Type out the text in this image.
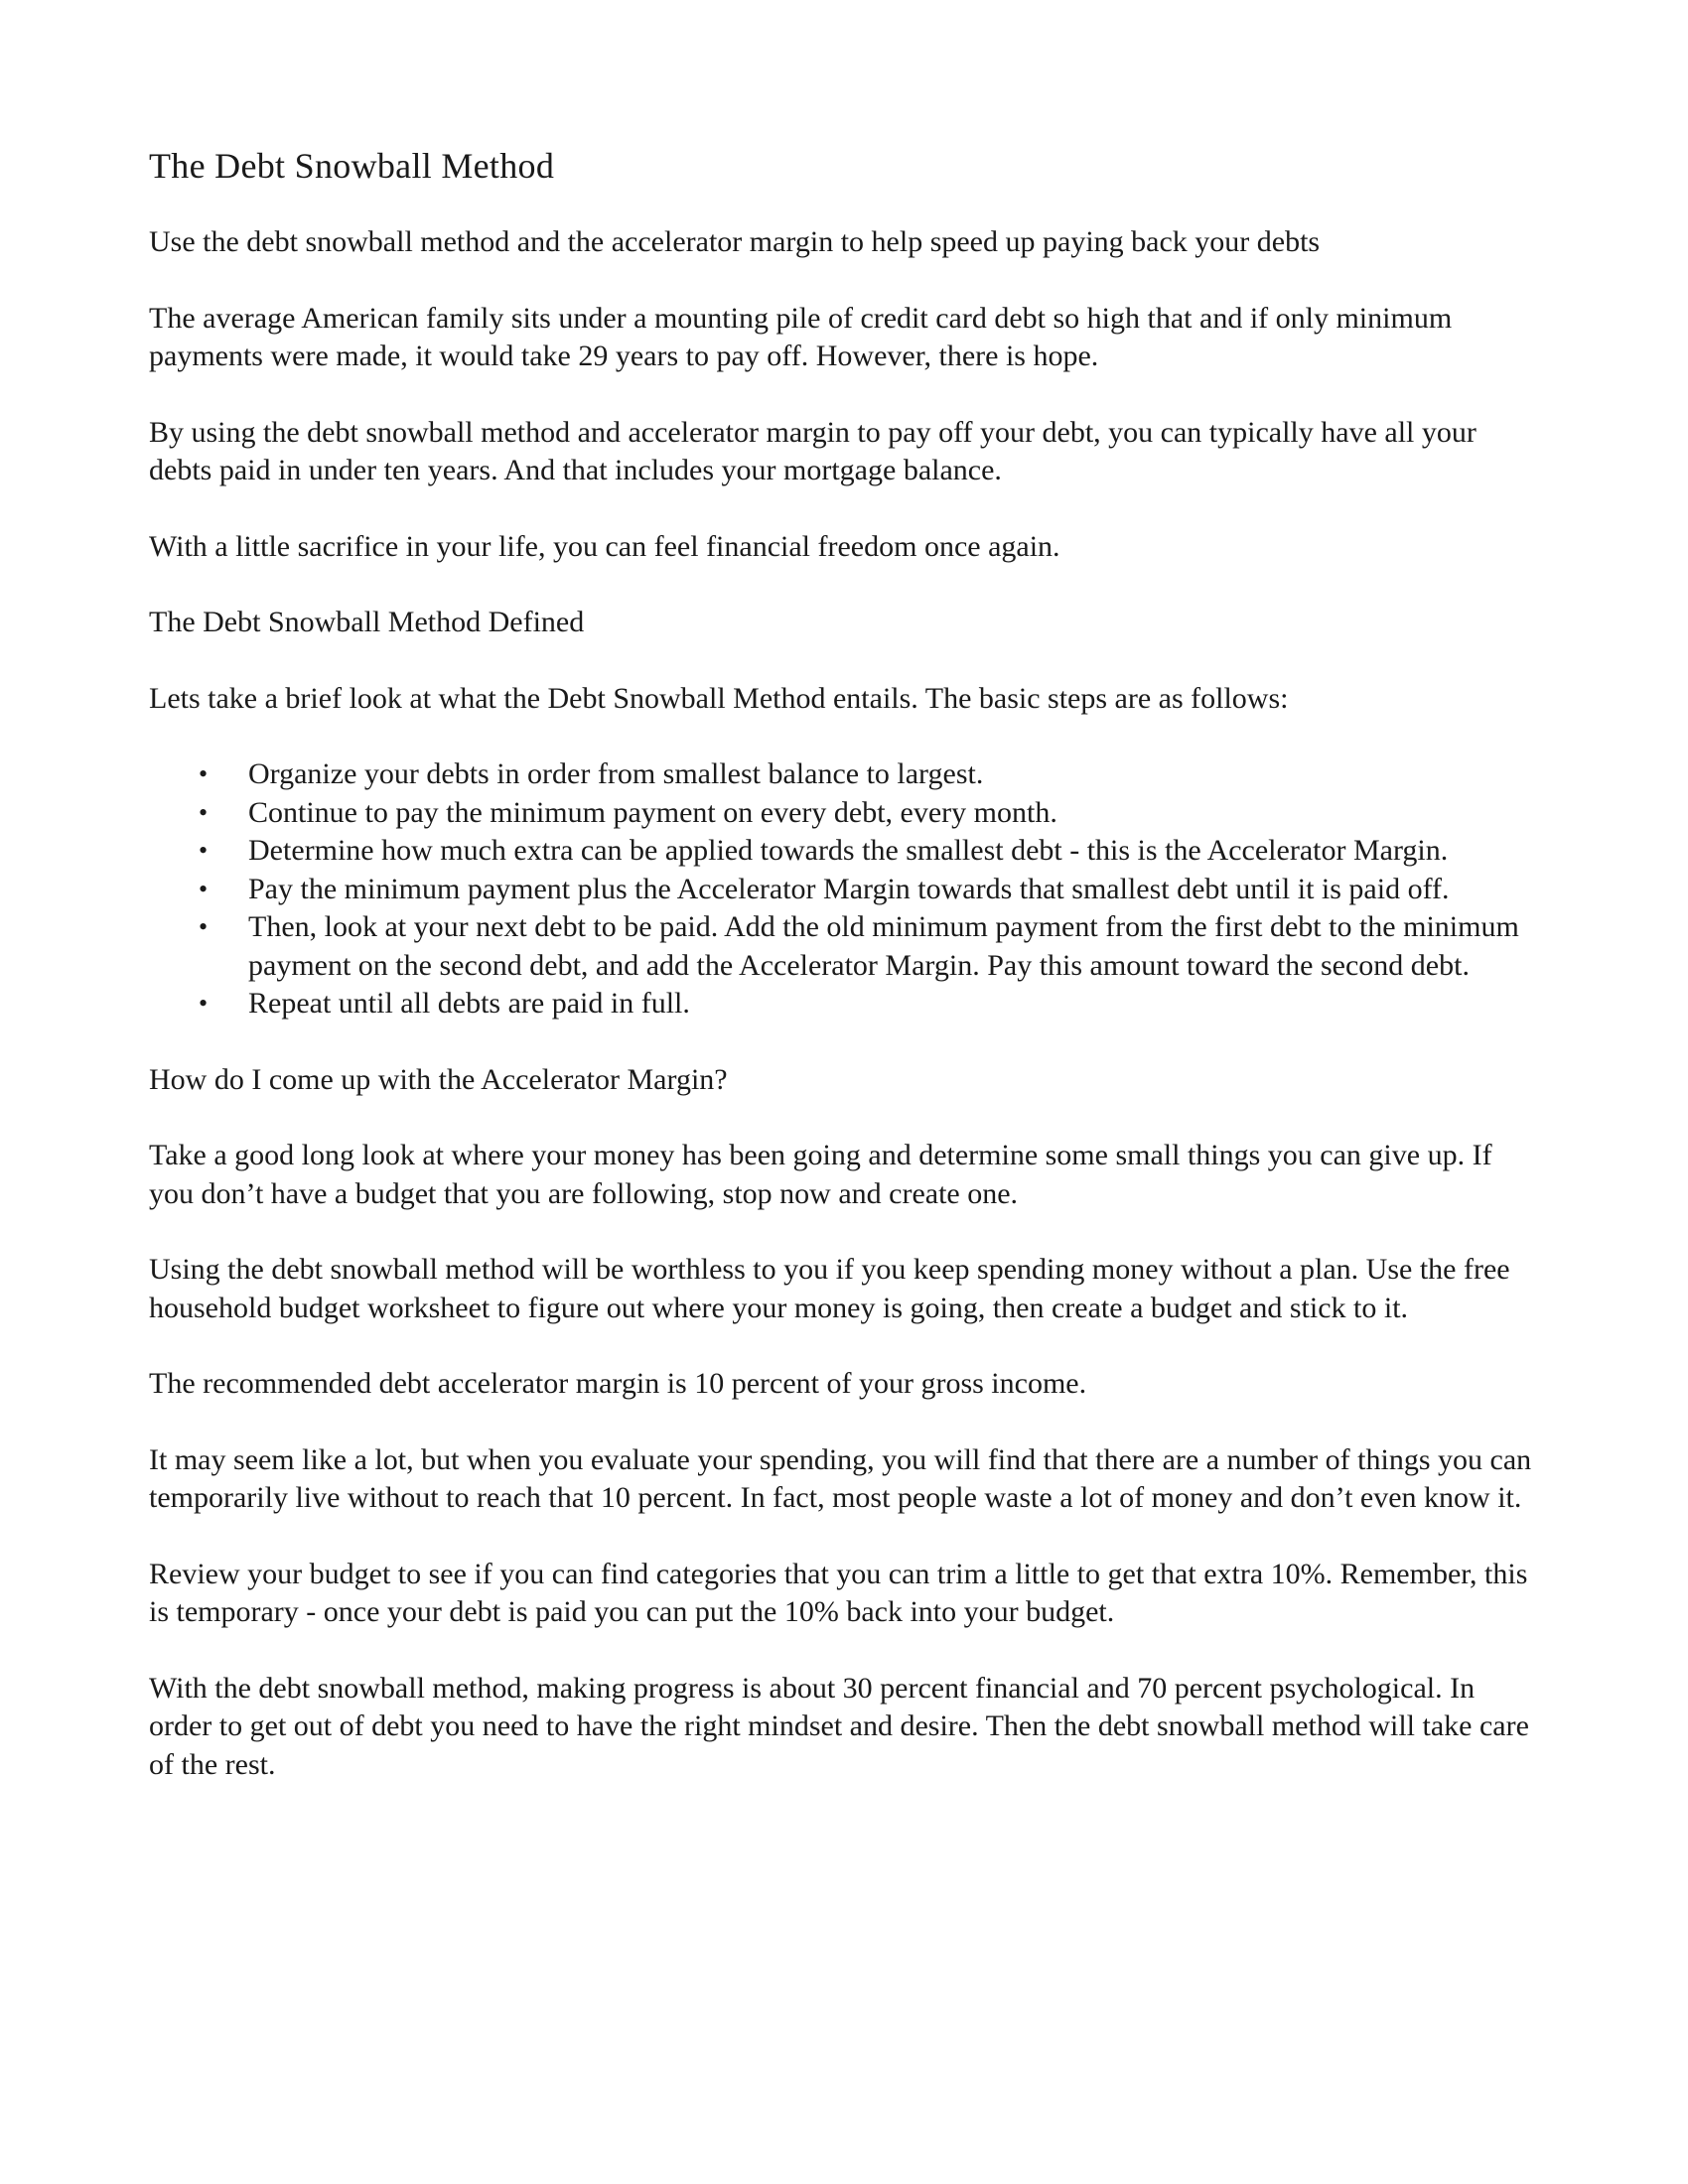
The Debt Snowball Method

Use the debt snowball method and the accelerator margin to help speed up paying back your debts

The average American family sits under a mounting pile of credit card debt so high that and if only minimum payments were made, it would take 29 years to pay off. However, there is hope.

By using the debt snowball method and accelerator margin to pay off your debt, you can typically have all your debts paid in under ten years. And that includes your mortgage balance.

With a little sacrifice in your life, you can feel financial freedom once again.

The Debt Snowball Method Defined

Lets take a brief look at what the Debt Snowball Method entails. The basic steps are as follows:

• Organize your debts in order from smallest balance to largest.
• Continue to pay the minimum payment on every debt, every month.
• Determine how much extra can be applied towards the smallest debt - this is the Accelerator Margin.
• Pay the minimum payment plus the Accelerator Margin towards that smallest debt until it is paid off.
• Then, look at your next debt to be paid. Add the old minimum payment from the first debt to the minimum payment on the second debt, and add the Accelerator Margin. Pay this amount toward the second debt.
• Repeat until all debts are paid in full.

How do I come up with the Accelerator Margin?

Take a good long look at where your money has been going and determine some small things you can give up. If you don’t have a budget that you are following, stop now and create one.

Using the debt snowball method will be worthless to you if you keep spending money without a plan. Use the free household budget worksheet to figure out where your money is going, then create a budget and stick to it.

The recommended debt accelerator margin is 10 percent of your gross income.

It may seem like a lot, but when you evaluate your spending, you will find that there are a number of things you can temporarily live without to reach that 10 percent. In fact, most people waste a lot of money and don’t even know it.

Review your budget to see if you can find categories that you can trim a little to get that extra 10%. Remember, this is temporary - once your debt is paid you can put the 10% back into your budget.

With the debt snowball method, making progress is about 30 percent financial and 70 percent psychological. In order to get out of debt you need to have the right mindset and desire. Then the debt snowball method will take care of the rest.
